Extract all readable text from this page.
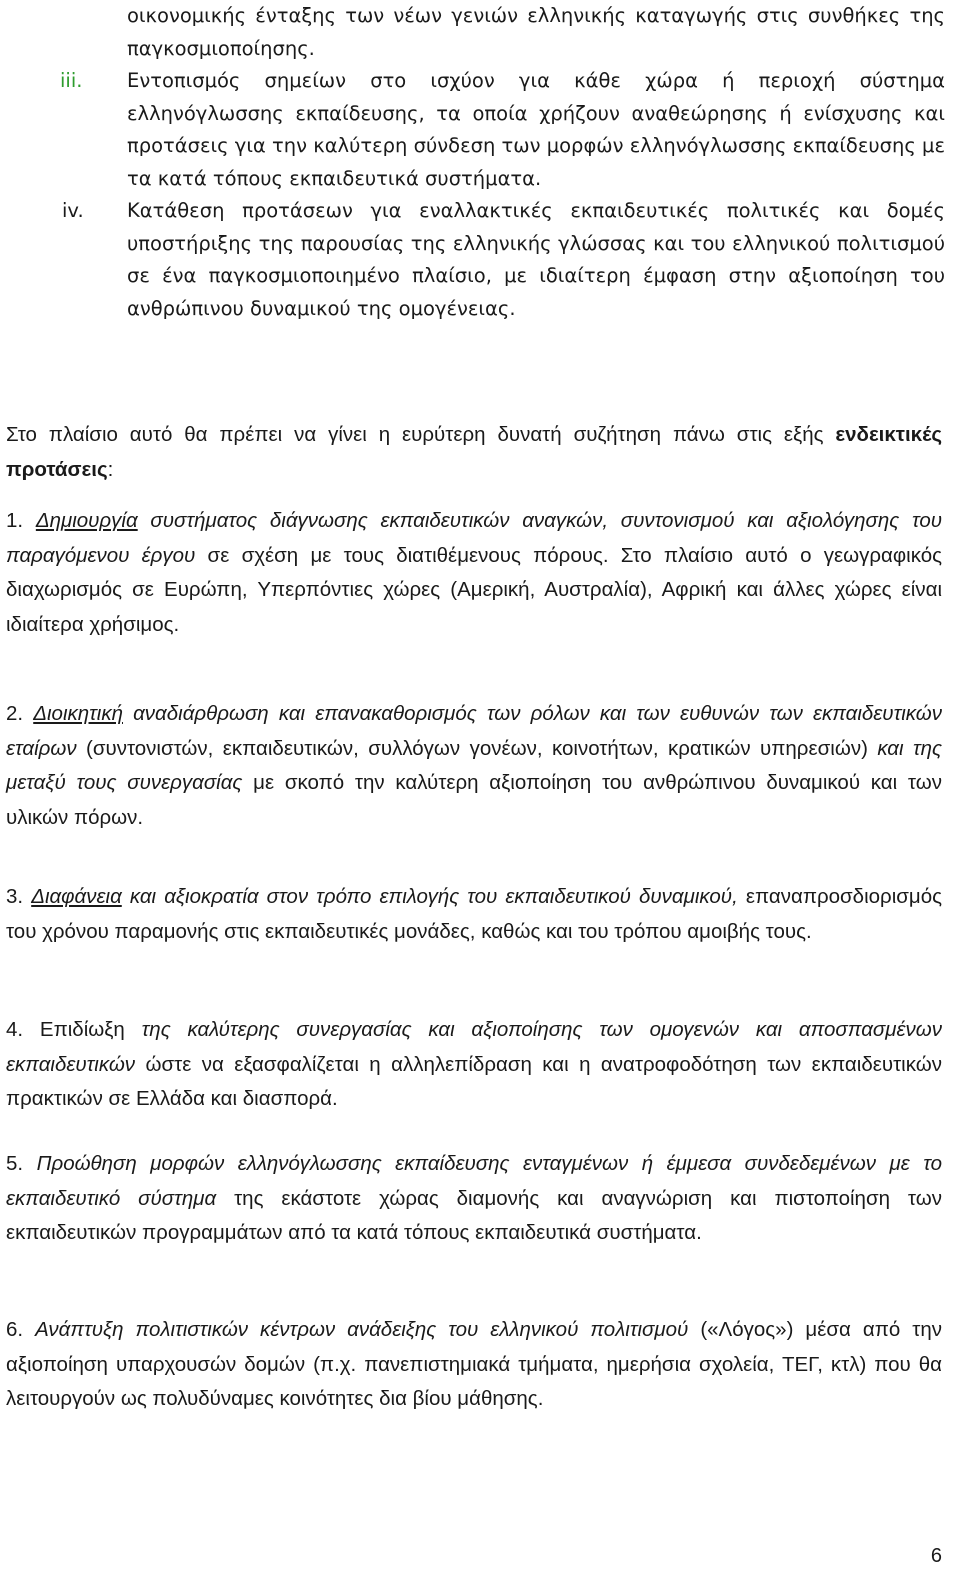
οικονομικής ένταξης των νέων γενιών ελληνικής καταγωγής στις συνθήκες της παγκοσμιοποίησης.
iii. Εντοπισμός σημείων στο ισχύον για κάθε χώρα ή περιοχή σύστημα ελληνόγλωσσης εκπαίδευσης, τα οποία χρήζουν αναθεώρησης ή ενίσχυσης και προτάσεις για την καλύτερη σύνδεση των μορφών ελληνόγλωσσης εκπαίδευσης με τα κατά τόπους εκπαιδευτικά συστήματα.
iv. Κατάθεση προτάσεων για εναλλακτικές εκπαιδευτικές πολιτικές και δομές υποστήριξης της παρουσίας της ελληνικής γλώσσας και του ελληνικού πολιτισμού σε ένα παγκοσμιοποιημένο πλαίσιο, με ιδιαίτερη έμφαση στην αξιοποίηση του ανθρώπινου δυναμικού της ομογένειας.
Στο πλαίσιο αυτό θα πρέπει να γίνει η ευρύτερη δυνατή συζήτηση πάνω στις εξής ενδεικτικές προτάσεις:
1. Δημιουργία συστήματος διάγνωσης εκπαιδευτικών αναγκών, συντονισμού και αξιολόγησης του παραγόμενου έργου σε σχέση με τους διατιθέμενους πόρους. Στο πλαίσιο αυτό ο γεωγραφικός διαχωρισμός σε Ευρώπη, Υπερπόντιες χώρες (Αμερική, Αυστραλία), Αφρική και άλλες χώρες είναι ιδιαίτερα χρήσιμος.
2. Διοικητική αναδιάρθρωση και επανακαθορισμός των ρόλων και των ευθυνών των εκπαιδευτικών εταίρων (συντονιστών, εκπαιδευτικών, συλλόγων γονέων, κοινοτήτων, κρατικών υπηρεσιών) και της μεταξύ τους συνεργασίας με σκοπό την καλύτερη αξιοποίηση του ανθρώπινου δυναμικού και των υλικών πόρων.
3. Διαφάνεια και αξιοκρατία στον τρόπο επιλογής του εκπαιδευτικού δυναμικού, επαναπροσδιορισμός του χρόνου παραμονής στις εκπαιδευτικές μονάδες, καθώς και του τρόπου αμοιβής τους.
4. Επιδίωξη της καλύτερης συνεργασίας και αξιοποίησης των ομογενών και αποσπασμένων εκπαιδευτικών ώστε να εξασφαλίζεται η αλληλεπίδραση και η ανατροφοδότηση των εκπαιδευτικών πρακτικών σε Ελλάδα και διασπορά.
5. Προώθηση μορφών ελληνόγλωσσης εκπαίδευσης ενταγμένων ή έμμεσα συνδεδεμένων με το εκπαιδευτικό σύστημα της εκάστοτε χώρας διαμονής και αναγνώριση και πιστοποίηση των εκπαιδευτικών προγραμμάτων από τα κατά τόπους εκπαιδευτικά συστήματα.
6. Ανάπτυξη πολιτιστικών κέντρων ανάδειξης του ελληνικού πολιτισμού («Λόγος») μέσα από την αξιοποίηση υπαρχουσών δομών (π.χ. πανεπιστημιακά τμήματα, ημερήσια σχολεία, ΤΕΓ, κτλ) που θα λειτουργούν ως πολυδύναμες κοινότητες δια βίου μάθησης.
6
